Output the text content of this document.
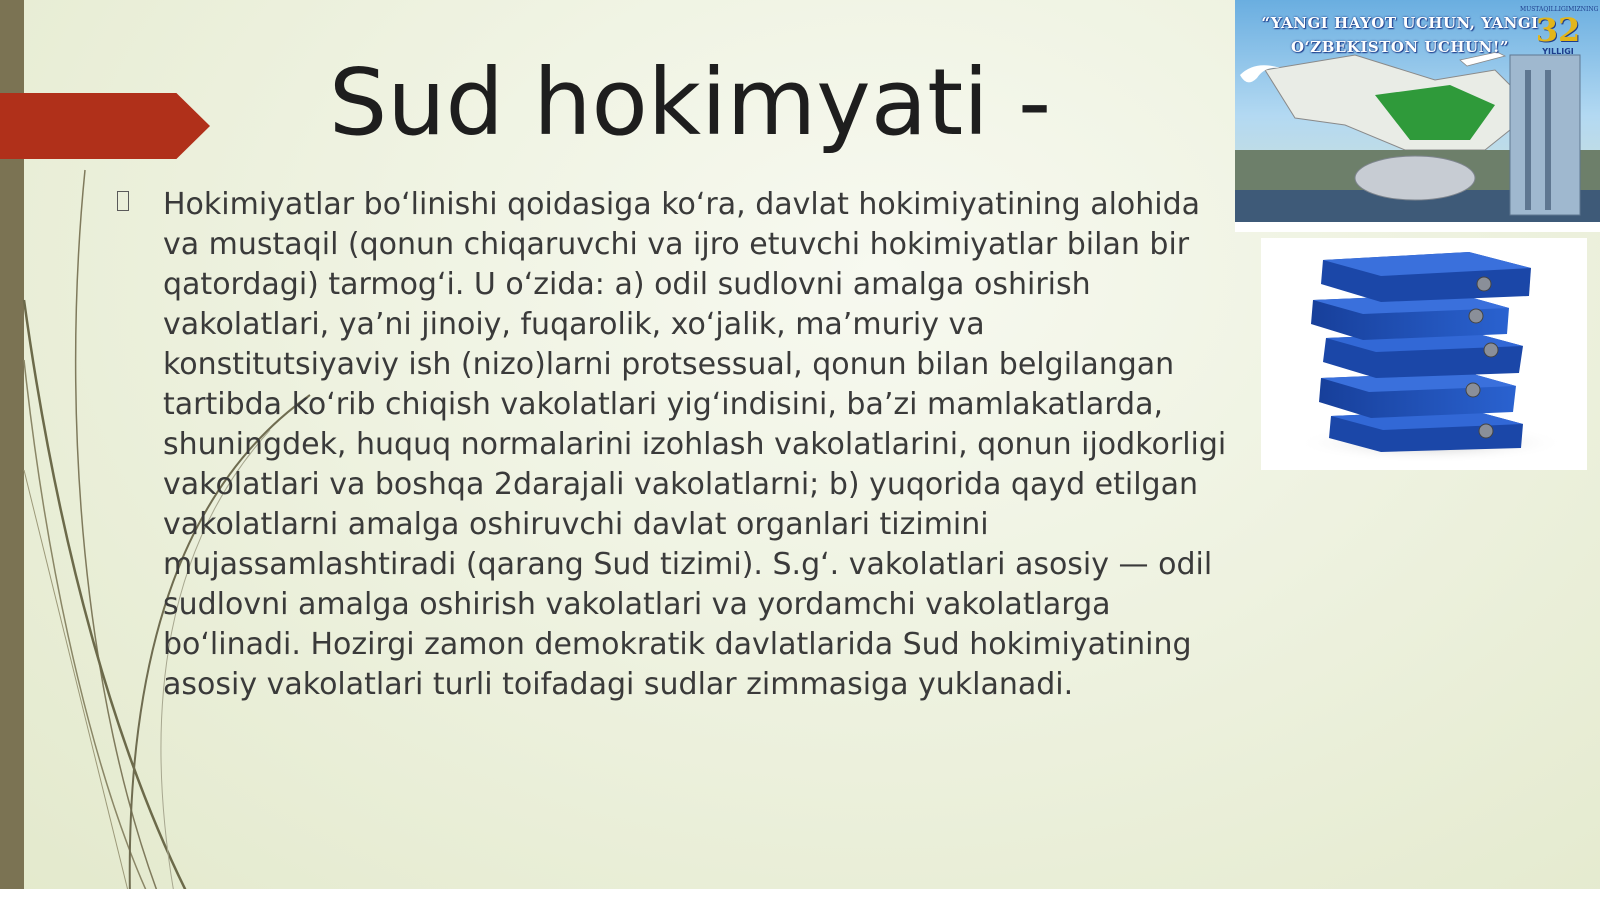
Sud hokimyati -

Hokimiyatlar bo‘linishi qoidasiga ko‘ra, davlat hokimiyatining alohida va mustaqil (qonun chiqaruvchi va ijro etuvchi hokimiyatlar bilan bir qatordagi) tarmog‘i. U o‘zida: a) odil sudlovni amalga oshirish vakolatlari, ya’ni jinoiy, fuqarolik, xo‘jalik, ma’muriy va konstitutsiyaviy ish (nizo)larni protsessual, qonun bilan belgilangan tartibda ko‘rib chiqish vakolatlari yig‘indisini, ba’zi mamlakatlarda, shuningdek, huquq normalarini izohlash vakolatlarini, qonun ijodkorligi vakolatlari va boshqa 2darajali vakolatlarni; b) yuqorida qayd etilgan vakolatlarni amalga oshiruvchi davlat organlari tizimini mujassamlashtiradi (qarang Sud tizimi). S.g‘. vakolatlari asosiy — odil sudlovni amalga oshirish vakolatlari va yordamchi vakolatlarga bo‘linadi. Hozirgi zamon demokratik davlatlarida Sud hokimiyatining asosiy vakolatlari turli toifadagi sudlar zimmasiga yuklanadi.

“YANGI HAYOT UCHUN, YANGI
O‘ZBEKISTON UCHUN!”
MUSTAQILLIGIMIZNING
32
YILLIGI
